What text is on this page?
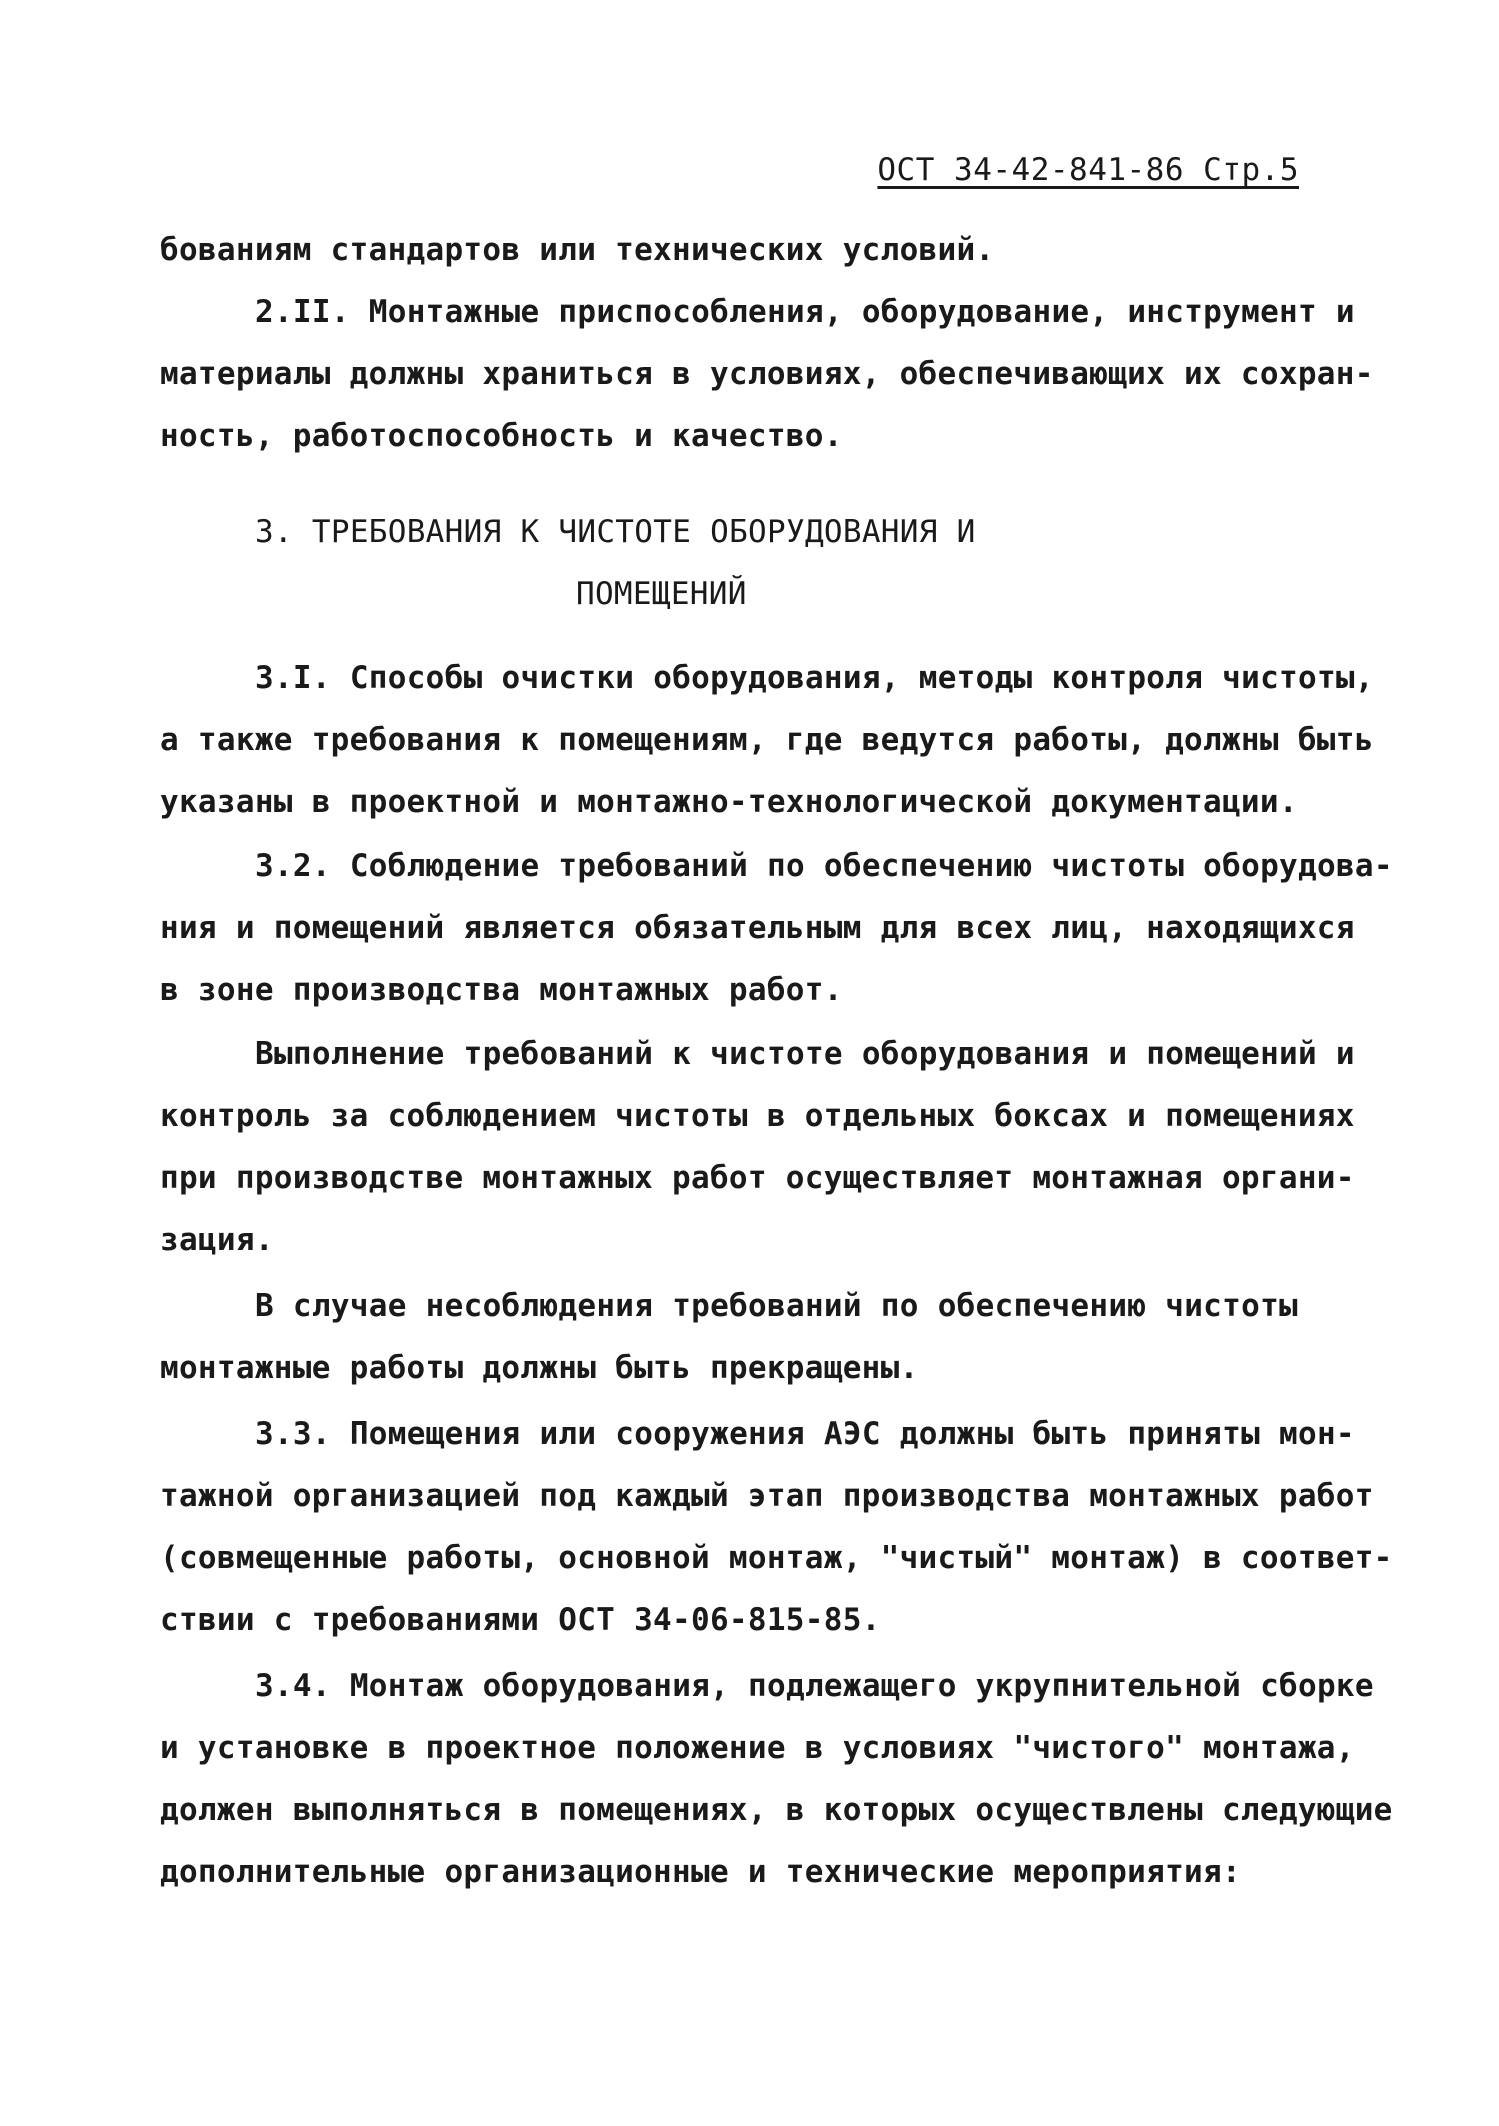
ОСТ 34-42-841-86 Стр.5
бованиям стандартов или технических условий.
2.II. Монтажные приспособления, оборудование, инструмент и
материалы должны храниться в условиях, обеспечивающих их сохран-
ность, работоспособность и качество.
3. ТРЕБОВАНИЯ К ЧИСТОТЕ ОБОРУДОВАНИЯ И
ПОМЕЩЕНИЙ
3.I. Способы очистки оборудования, методы контроля чистоты,
а также требования к помещениям, где ведутся работы, должны быть
указаны в проектной и монтажно-технологической документации.
3.2. Соблюдение требований по обеспечению чистоты оборудова-
ния и помещений является обязательным для всех лиц, находящихся
в зоне производства монтажных работ.
Выполнение требований к чистоте оборудования и помещений и
контроль за соблюдением чистоты в отдельных боксах и помещениях
при производстве монтажных работ осуществляет монтажная органи-
зация.
В случае несоблюдения требований по обеспечению чистоты
монтажные работы должны быть прекращены.
3.3. Помещения или сооружения АЭС должны быть приняты мон-
тажной организацией под каждый этап производства монтажных работ
(совмещенные работы, основной монтаж, "чистый" монтаж) в соответ-
ствии с требованиями ОСТ 34-06-815-85.
3.4. Монтаж оборудования, подлежащего укрупнительной сборке
и установке в проектное положение в условиях "чистого" монтажа,
должен выполняться в помещениях, в которых осуществлены следующие
дополнительные организационные и технические мероприятия:
